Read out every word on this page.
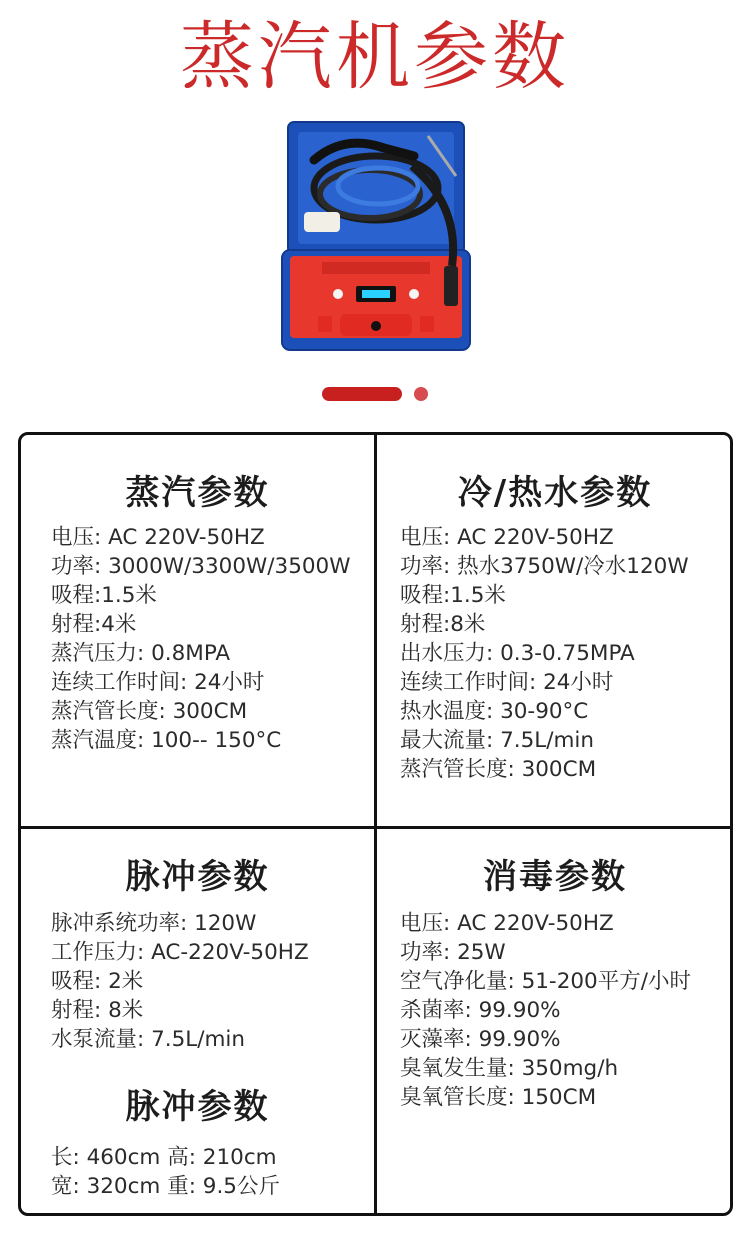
蒸汽机参数
蒸汽参数
电压: AC 220V-50HZ
功率: 3000W/3300W/3500W
吸程:1.5米
射程:4米
蒸汽压力: 0.8MPA
连续工作时间: 24小时
蒸汽管长度: 300CM
蒸汽温度: 100-- 150°C
冷/热水参数
电压: AC 220V-50HZ
功率: 热水3750W/冷水120W
吸程:1.5米
射程:8米
出水压力: 0.3-0.75MPA
连续工作时间: 24小时
热水温度: 30-90°C
最大流量: 7.5L/min
蒸汽管长度: 300CM
脉冲参数
脉冲系统功率: 120W
工作压力: AC-220V-50HZ
吸程: 2米
射程: 8米
水泵流量: 7.5L/min
脉冲参数
长: 460cm 高: 210cm
宽: 320cm 重: 9.5公斤
消毒参数
电压: AC 220V-50HZ
功率: 25W
空气净化量: 51-200平方/小时
杀菌率: 99.90%
灭藻率: 99.90%
臭氧发生量: 350mg/h
臭氧管长度: 150CM
